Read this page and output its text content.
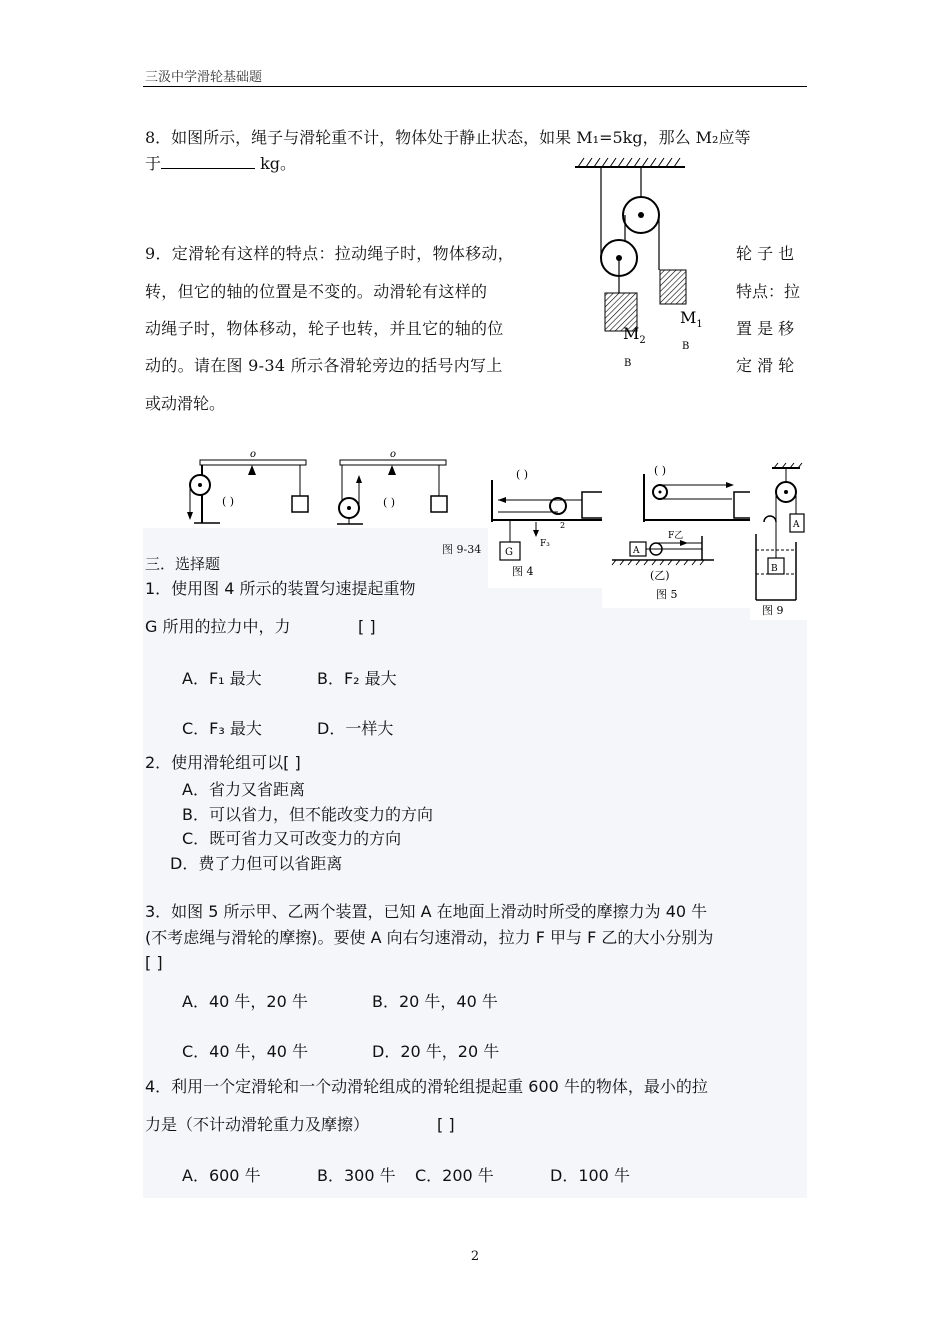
三汲中学滑轮基础题
8．如图所示，绳子与滑轮重不计，物体处于静止状态，如果 M₁=5kg，那么 M₂应等
于	kg。
$M_1$
$M_2$
B
B
9．定滑轮有这样的特点：拉动绳子时，物体移动，	轮 子 也
转，但它的轴的位置是不变的。动滑轮有这样的	特点：拉
动绳子时，物体移动，轮子也转，并且它的轴的位	置 是 移
动的。请在图 9-34 所示各滑轮旁边的括号内写上	定 滑 轮
或动滑轮。
o
( )
o
( )
( )
F₃
2
G
图 4
( )
A
F乙
(乙)
图 5
A
B
图 9
图 9-34
三．选择题
1．使用图 4 所示的装置匀速提起重物
G 所用的拉力中，力	[ ]
A．F₁ 最大	B．F₂ 最大
C．F₃ 最大	D．一样大
2．使用滑轮组可以[ ]
A．省力又省距离
B．可以省力，但不能改变力的方向
C．既可省力又可改变力的方向
D．费了力但可以省距离
3．如图 5 所示甲、乙两个装置，已知 A 在地面上滑动时所受的摩擦力为 40 牛
(不考虑绳与滑轮的摩擦)。要使 A 向右匀速滑动，拉力 F 甲与 F 乙的大小分别为
[ ]
A．40 牛，20 牛	B．20 牛，40 牛
C．40 牛，40 牛	D．20 牛，20 牛
4．利用一个定滑轮和一个动滑轮组成的滑轮组提起重 600 牛的物体，最小的拉
力是（不计动滑轮重力及摩擦）	[ ]
A．600 牛	B．300 牛 C．200 牛	D．100 牛
2
